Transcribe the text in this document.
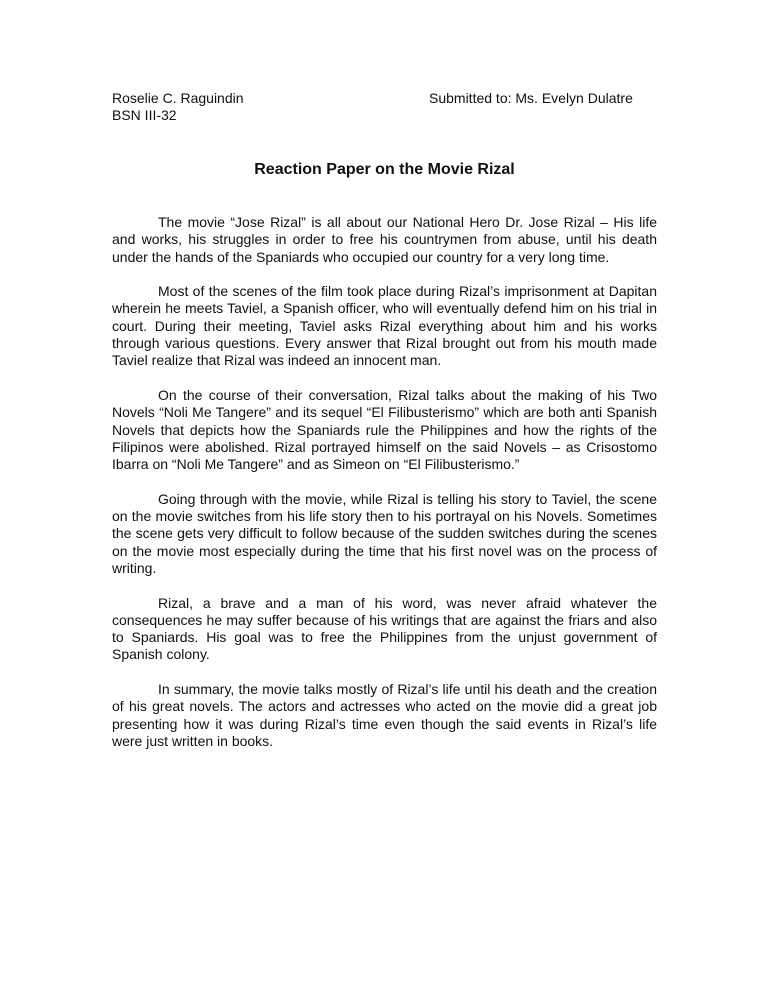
Roselie C. Raguindin	Submitted to: Ms. Evelyn Dulatre
BSN III-32
Reaction Paper on the Movie Rizal

The movie “Jose Rizal” is all about our National Hero Dr. Jose Rizal – His life and works, his struggles in order to free his countrymen from abuse, until his death under the hands of the Spaniards who occupied our country for a very long time.

Most of the scenes of the film took place during Rizal’s imprisonment at Dapitan wherein he meets Taviel, a Spanish officer, who will eventually defend him on his trial in court. During their meeting, Taviel asks Rizal everything about him and his works through various questions. Every answer that Rizal brought out from his mouth made Taviel realize that Rizal was indeed an innocent man.

On the course of their conversation, Rizal talks about the making of his Two Novels “Noli Me Tangere” and its sequel “El Filibusterismo” which are both anti Spanish Novels that depicts how the Spaniards rule the Philippines and how the rights of the Filipinos were abolished. Rizal portrayed himself on the said Novels – as Crisostomo Ibarra on “Noli Me Tangere” and as Simeon on “El Filibusterismo.”

Going through with the movie, while Rizal is telling his story to Taviel, the scene on the movie switches from his life story then to his portrayal on his Novels. Sometimes the scene gets very difficult to follow because of the sudden switches during the scenes on the movie most especially during the time that his first novel was on the process of writing.

Rizal, a brave and a man of his word, was never afraid whatever the consequences he may suffer because of his writings that are against the friars and also to Spaniards. His goal was to free the Philippines from the unjust government of Spanish colony.

In summary, the movie talks mostly of Rizal’s life until his death and the creation of his great novels. The actors and actresses who acted on the movie did a great job presenting how it was during Rizal’s time even though the said events in Rizal’s life were just written in books.
